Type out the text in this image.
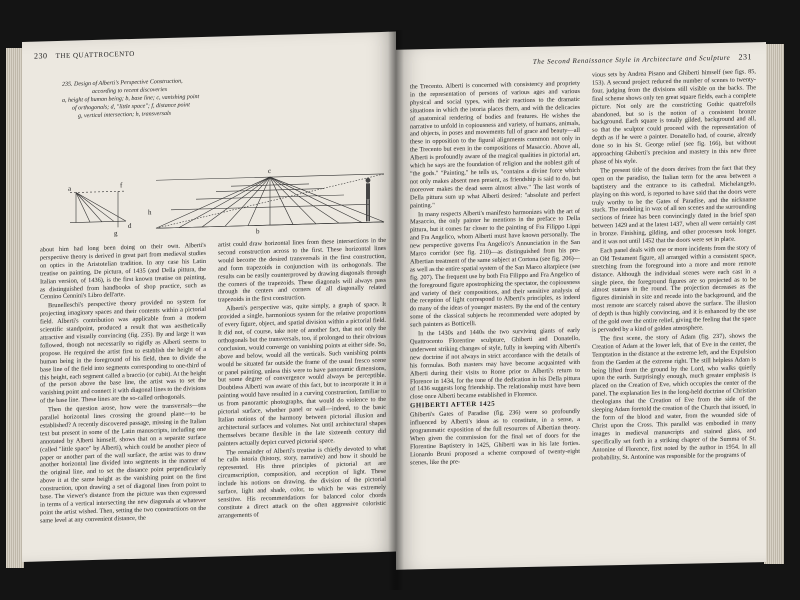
230 THE QUATTROCENTO
235. Design of Alberti's Perspective Construction,
according to recent discoveries
a, height of human being; b, base line; c, vanishing point
of orthogonals; d, "little space"; f, distance point
g, vertical intersection; h, transversals
a
b
c
d
f
g
h

about him had long been doing on their own. Alberti's perspective theory is derived in great part from medieval studies on optics in the Aristotelian tradition. In any case his Latin treatise on painting, De pictura, of 1435 (and Della pittura, the Italian version, of 1436), is the first known treatise on painting, as distinguished from handbooks of shop practice, such as Cennino Cennini's Libro dell'arte.

Brunelleschi's perspective theory provided no system for projecting imaginary spaces and their contents within a pictorial field. Alberti's contribution was applicable from a modern scientific standpoint, produced a result that was aesthetically attractive and visually convincing (fig. 235). By and large it was followed, though not necessarily so rigidly as Alberti seems to propose. He required the artist first to establish the height of a human being in the foreground of his field, then to divide the base line of the field into segments corresponding to one-third of this height, each segment called a braccio (or cubit). At the height of the person above the base line, the artist was to set the vanishing point and connect it with diagonal lines to the divisions of the base line. These lines are the so-called orthogonals.

Then the question arose, how were the transversals—the parallel horizontal lines crossing the ground plane—to be established? A recently discovered passage, missing in the Italian text but present in some of the Latin manuscripts, including one annotated by Alberti himself, shows that on a separate surface (called "little space" by Alberti), which could be another piece of paper or another part of the wall surface, the artist was to draw another horizontal line divided into segments in the manner of the original line, and to set the distance point perpendicularly above it at the same height as the vanishing point on the first construction, upon drawing a set of diagonal lines from point to base. The viewer's distance from the picture was then expressed in terms of a vertical intersecting the new diagonals at whatever point the artist wished. Then, setting the two constructions on the same level at any convenient distance, the

artist could draw horizontal lines from these intersections in the second construction across to the first. These horizontal lines would become the desired transversals in the first construction, and form trapezoids in conjunction with its orthogonals. The results can be easily counterproved by drawing diagonals through the corners of the trapezoids. These diagonals will always pass through the centers and corners of all diagonally related trapezoids in the first construction.

Alberti's perspective was, quite simply, a graph of space. It provided a single, harmonious system for the relative proportions of every figure, object, and spatial division within a pictorial field. It did not, of course, take note of another fact, that not only the orthogonals but the transversals, too, if prolonged to their obvious conclusion, would converge on vanishing points at either side. So, above and below, would all the verticals. Such vanishing points would be situated far outside the frame of the usual fresco scene or panel painting, unless this were to have panoramic dimensions, but some degree of convergence would always be perceptible. Doubtless Alberti was aware of this fact, but to incorporate it in a painting would have resulted in a curving construction, familiar to us from panoramic photographs, that would do violence to the pictorial surface, whether panel or wall—indeed, to the basic Italian notions of the harmony between pictorial illusion and architectural surfaces and volumes. Not until architectural shapes themselves became flexible in the late sixteenth century did painters actually depict curved pictorial space.

The remainder of Alberti's treatise is chiefly devoted to what he calls istoria (history, story, narrative) and how it should be represented. His three principles of pictorial art are circumscription, composition, and reception of light. These include his notions on drawing, the division of the pictorial surface, light and shade, color, to which he was extremely sensitive. His recommendations for balanced color chords constitute a direct attack on the often aggressive coloristic arrangements of

The Second Renaissance Style in Architecture and Sculpture 231

the Trecento. Alberti is concerned with consistency and propriety in the representation of persons of various ages and various physical and social types, with their reactions to the dramatic situations in which the istoria places them, and with the delicacies of anatomical rendering of bodies and features. He wishes the narrative to unfold in copiousness and variety, of humans, animals, and objects, in poses and movements full of grace and beauty—all these in opposition to the figural alignments common not only in the Trecento but even in the compositions of Masaccio. Above all, Alberti is profoundly aware of the magical qualities in pictorial art, which he says are the foundation of religion and the noblest gift of "the gods." "Painting," he tells us, "contains a divine force which not only makes absent men present, as friendship is said to do, but moreover makes the dead seem almost alive." The last words of Della pittura sum up what Alberti desired: "absolute and perfect painting."

In many respects Alberti's manifesto harmonizes with the art of Masaccio, the only painter he mentions in the preface to Della pittura, but it comes far closer to the painting of Fra Filippo Lippi and Fra Angelico, whom Alberti must have known personally. The new perspective governs Fra Angelico's Annunciation in the San Marco corridor (see fig. 210)—as distinguished from his pre-Albertian treatment of the same subject at Cortona (see fig. 206)—as well as the entire spatial system of the San Marco altarpiece (see fig. 207). The frequent use by both Fra Filippo and Fra Angelico of the foreground figure apostrophizing the spectator, the copiousness and variety of their compositions, and their sensitive analysis of the reception of light correspond to Alberti's principles, as indeed do many of the ideas of younger masters. By the end of the century some of the classical subjects he recommended were adopted by such painters as Botticelli.

In the 1430s and 1440s the two surviving giants of early Quattrocento Florentine sculpture, Ghiberti and Donatello, underwent striking changes of style, fully in keeping with Alberti's new doctrine if not always in strict accordance with the details of his formulas. Both masters may have become acquainted with Alberti during their visits to Rome prior to Alberti's return to Florence in 1434, for the tone of the dedication in his Della pittura of 1436 suggests long friendship. The relationship must have been close once Alberti became established in Florence.

GHIBERTI AFTER 1425

Ghiberti's Gates of Paradise (fig. 236) were so profoundly influenced by Alberti's ideas as to constitute, in a sense, a programmatic exposition of the full resources of Albertian theory. When given the commission for the final set of doors for the Florentine Baptistery in 1425, Ghiberti was in his late forties. Lionardo Bruni proposed a scheme composed of twenty-eight scenes, like the pre-

vious sets by Andrea Pisano and Ghiberti himself (see figs. 85, 153). A second project reduced the number of scenes to twenty-four, judging from the divisions still visible on the backs. The final scheme shows only ten great square fields, each a complete picture. Not only are the constricting Gothic quatrefoils abandoned, but so is the notion of a consistent bronze background. Each square is totally gilded, background and all, so that the sculptor could proceed with the representation of depth as if he were a painter. Donatello had, of course, already done so in his St. George relief (see fig. 166), but without approaching Ghiberti's precision and mastery in this new three phase of his style.

The present title of the doors derives from the fact that they open on the paradiso, the Italian term for the area between a baptistery and the entrance to its cathedral. Michelangelo, playing on this word, is reported to have said that the doors were truly worthy to be the Gates of Paradise, and the nickname stuck. The modeling in wax of all ten scenes and the surrounding sections of frieze has been convincingly dated in the brief span between 1429 and at the latest 1437, when all were certainly cast in bronze. Finishing, gilding, and other processes took longer, and it was not until 1452 that the doors were set in place.

Each panel deals with one or more incidents from the story of an Old Testament figure, all arranged within a consistent space, stretching from the foreground into a more and more remote distance. Although the individual scenes were each cast in a single piece, the foreground figures are so projected as to be almost statues in the round. The projection decreases as the figures diminish in size and recede into the background, and the most remote are scarcely raised above the surface. The illusion of depth is thus highly convincing, and it is enhanced by the use of the gold over the entire relief, giving the feeling that the space is pervaded by a kind of golden atmosphere.

The first scene, the story of Adam (fig. 237), shows the Creation of Adam at the lower left, that of Eve in the center, the Temptation in the distance at the extreme left, and the Expulsion from the Garden at the extreme right. The still helpless Adam is being lifted from the ground by the Lord, who walks quietly upon the earth. Surprisingly enough, much greater emphasis is placed on the Creation of Eve, which occupies the center of the panel. The explanation lies in the long-held doctrine of Christian theologians that the Creation of Eve from the side of the sleeping Adam foretold the creation of the Church that issued, in the form of the blood and water, from the wounded side of Christ upon the Cross. This parallel was embodied in many images in medieval manuscripts and stained glass, and specifically set forth in a striking chapter of the Summa of St. Antonine of Florence, first noted by the author in 1954. In all probability, St. Antonine was responsible for the programs of
